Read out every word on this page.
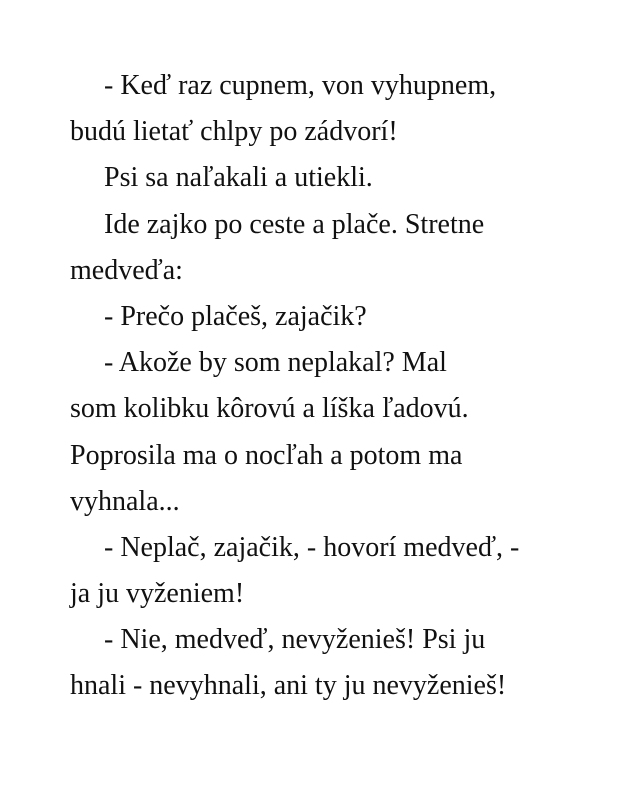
- Keď raz cupnem, von vyhupnem,
budú lietať chlpy po zádvorí!
Psi sa naľakali a utiekli.
Ide zajko po ceste a plače. Stretne
medveďa:
- Prečo plačeš, zajačik?
- Akože by som neplakal? Mal
som kolibku kôrovú a líška ľadovú.
Poprosila ma o nocľah a potom ma
vyhnala...
- Neplač, zajačik, - hovorí medveď, -
ja ju vyženiem!
- Nie, medveď, nevyženieš! Psi ju
hnali - nevyhnali, ani ty ju nevyženieš!
